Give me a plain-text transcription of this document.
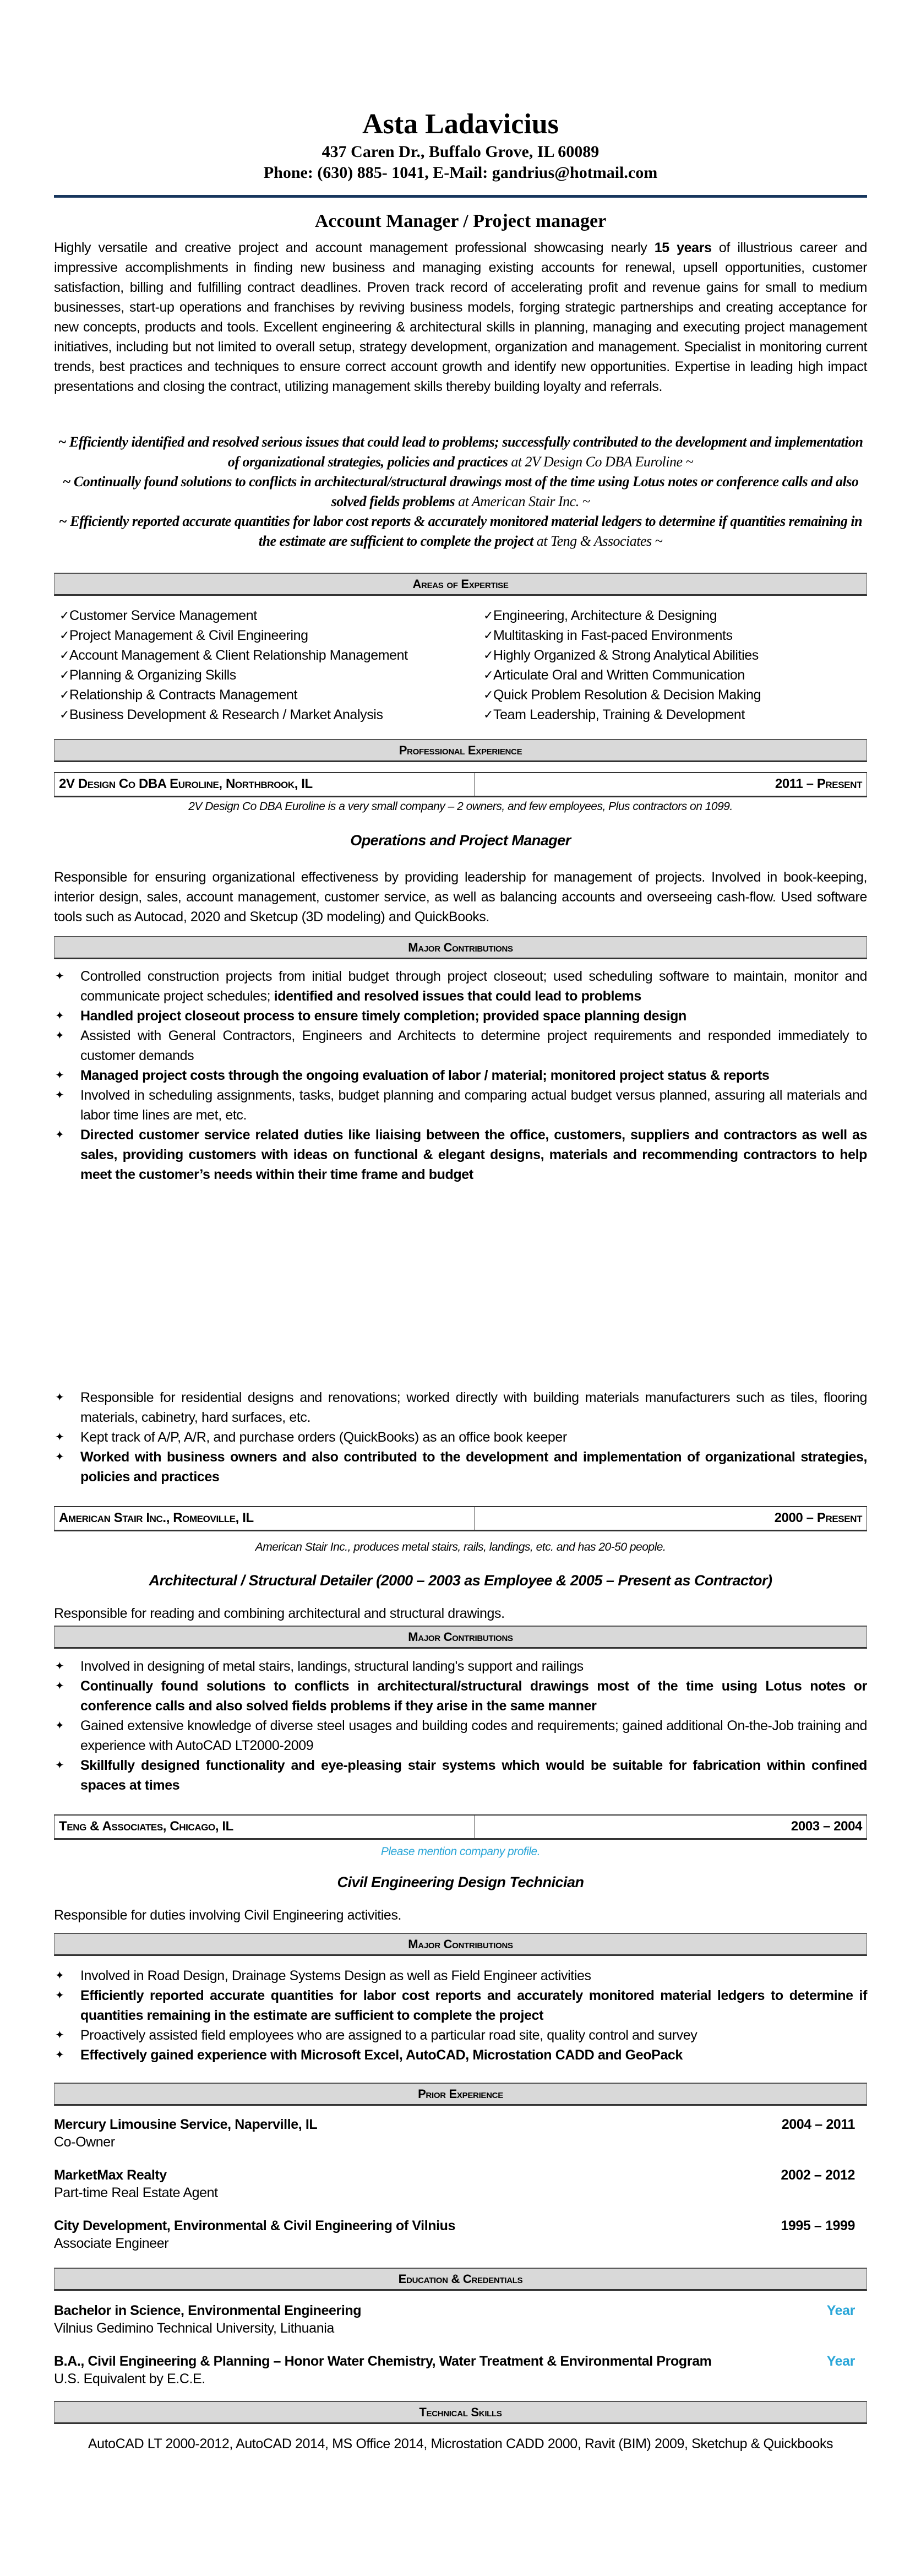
Asta Ladavicius
437 Caren Dr., Buffalo Grove, IL 60089
Phone: (630) 885- 1041, E-Mail: gandrius@hotmail.com
Account Manager / Project manager
Highly versatile and creative project and account management professional showcasing nearly 15 years of illustrious career and impressive accomplishments in finding new business and managing existing accounts for renewal, upsell opportunities, customer satisfaction, billing and fulfilling contract deadlines. Proven track record of accelerating profit and revenue gains for small to medium businesses, start-up operations and franchises by reviving business models, forging strategic partnerships and creating acceptance for new concepts, products and tools. Excellent engineering & architectural skills in planning, managing and executing project management initiatives, including but not limited to overall setup, strategy development, organization and management. Specialist in monitoring current trends, best practices and techniques to ensure correct account growth and identify new opportunities. Expertise in leading high impact presentations and closing the contract, utilizing management skills thereby building loyalty and referrals.
~ Efficiently identified and resolved serious issues that could lead to problems; successfully contributed to the development and implementation of organizational strategies, policies and practices at 2V Design Co DBA Euroline ~
~ Continually found solutions to conflicts in architectural/structural drawings most of the time using Lotus notes or conference calls and also solved fields problems at American Stair Inc. ~
~ Efficiently reported accurate quantities for labor cost reports & accurately monitored material ledgers to determine if quantities remaining in the estimate are sufficient to complete the project at Teng & Associates ~
Areas of Expertise
✓ Customer Service Management
✓ Project Management & Civil Engineering
✓ Account Management & Client Relationship Management
✓ Planning & Organizing Skills
✓ Relationship & Contracts Management
✓ Business Development & Research / Market Analysis
✓ Engineering, Architecture & Designing
✓ Multitasking in Fast-paced Environments
✓ Highly Organized & Strong Analytical Abilities
✓ Articulate Oral and Written Communication
✓ Quick Problem Resolution & Decision Making
✓ Team Leadership, Training & Development
Professional Experience
2V Design Co DBA Euroline, Northbrook, IL	2011 – Present
2V Design Co DBA Euroline is a very small company – 2 owners, and few employees, Plus contractors on 1099.
Operations and Project Manager
Responsible for ensuring organizational effectiveness by providing leadership for management of projects. Involved in book-keeping, interior design, sales, account management, customer service, as well as balancing accounts and overseeing cash-flow. Used software tools such as Autocad, 2020 and Sketcup (3D modeling) and QuickBooks.
Major Contributions
✦ Controlled construction projects from initial budget through project closeout; used scheduling software to maintain, monitor and communicate project schedules; identified and resolved issues that could lead to problems
✦ Handled project closeout process to ensure timely completion; provided space planning design
✦ Assisted with General Contractors, Engineers and Architects to determine project requirements and responded immediately to customer demands
✦ Managed project costs through the ongoing evaluation of labor / material; monitored project status & reports
✦ Involved in scheduling assignments, tasks, budget planning and comparing actual budget versus planned, assuring all materials and labor time lines are met, etc.
✦ Directed customer service related duties like liaising between the office, customers, suppliers and contractors as well as sales, providing customers with ideas on functional & elegant designs, materials and recommending contractors to help meet the customer’s needs within their time frame and budget
✦ Responsible for residential designs and renovations; worked directly with building materials manufacturers such as tiles, flooring materials, cabinetry, hard surfaces, etc.
✦ Kept track of A/P, A/R, and purchase orders (QuickBooks) as an office book keeper
✦ Worked with business owners and also contributed to the development and implementation of organizational strategies, policies and practices
American Stair Inc., Romeoville, IL	2000 – Present
American Stair Inc., produces metal stairs, rails, landings, etc. and has 20-50 people.
Architectural / Structural Detailer (2000 – 2003 as Employee & 2005 – Present as Contractor)
Responsible for reading and combining architectural and structural drawings.
Major Contributions
✦ Involved in designing of metal stairs, landings, structural landing's support and railings
✦ Continually found solutions to conflicts in architectural/structural drawings most of the time using Lotus notes or conference calls and also solved fields problems if they arise in the same manner
✦ Gained extensive knowledge of diverse steel usages and building codes and requirements; gained additional On-the-Job training and experience with AutoCAD LT2000-2009
✦ Skillfully designed functionality and eye-pleasing stair systems which would be suitable for fabrication within confined spaces at times
Teng & Associates, Chicago, IL	2003 – 2004
Please mention company profile.
Civil Engineering Design Technician
Responsible for duties involving Civil Engineering activities.
Major Contributions
✦ Involved in Road Design, Drainage Systems Design as well as Field Engineer activities
✦ Efficiently reported accurate quantities for labor cost reports and accurately monitored material ledgers to determine if quantities remaining in the estimate are sufficient to complete the project
✦ Proactively assisted field employees who are assigned to a particular road site, quality control and survey
✦ Effectively gained experience with Microsoft Excel, AutoCAD, Microstation CADD and GeoPack
Prior Experience
Mercury Limousine Service, Naperville, IL
Co-Owner
2004 – 2011
MarketMax Realty
Part-time Real Estate Agent
2002 – 2012
City Development, Environmental & Civil Engineering of Vilnius
Associate Engineer
1995 – 1999
Education & Credentials
Bachelor in Science, Environmental Engineering
Vilnius Gedimino Technical University, Lithuania
Year
B.A., Civil Engineering & Planning – Honor Water Chemistry, Water Treatment & Environmental Program
U.S. Equivalent by E.C.E.
Year
Technical Skills
AutoCAD LT 2000-2012, AutoCAD 2014, MS Office 2014, Microstation CADD 2000, Ravit (BIM) 2009, Sketchup & Quickbooks
